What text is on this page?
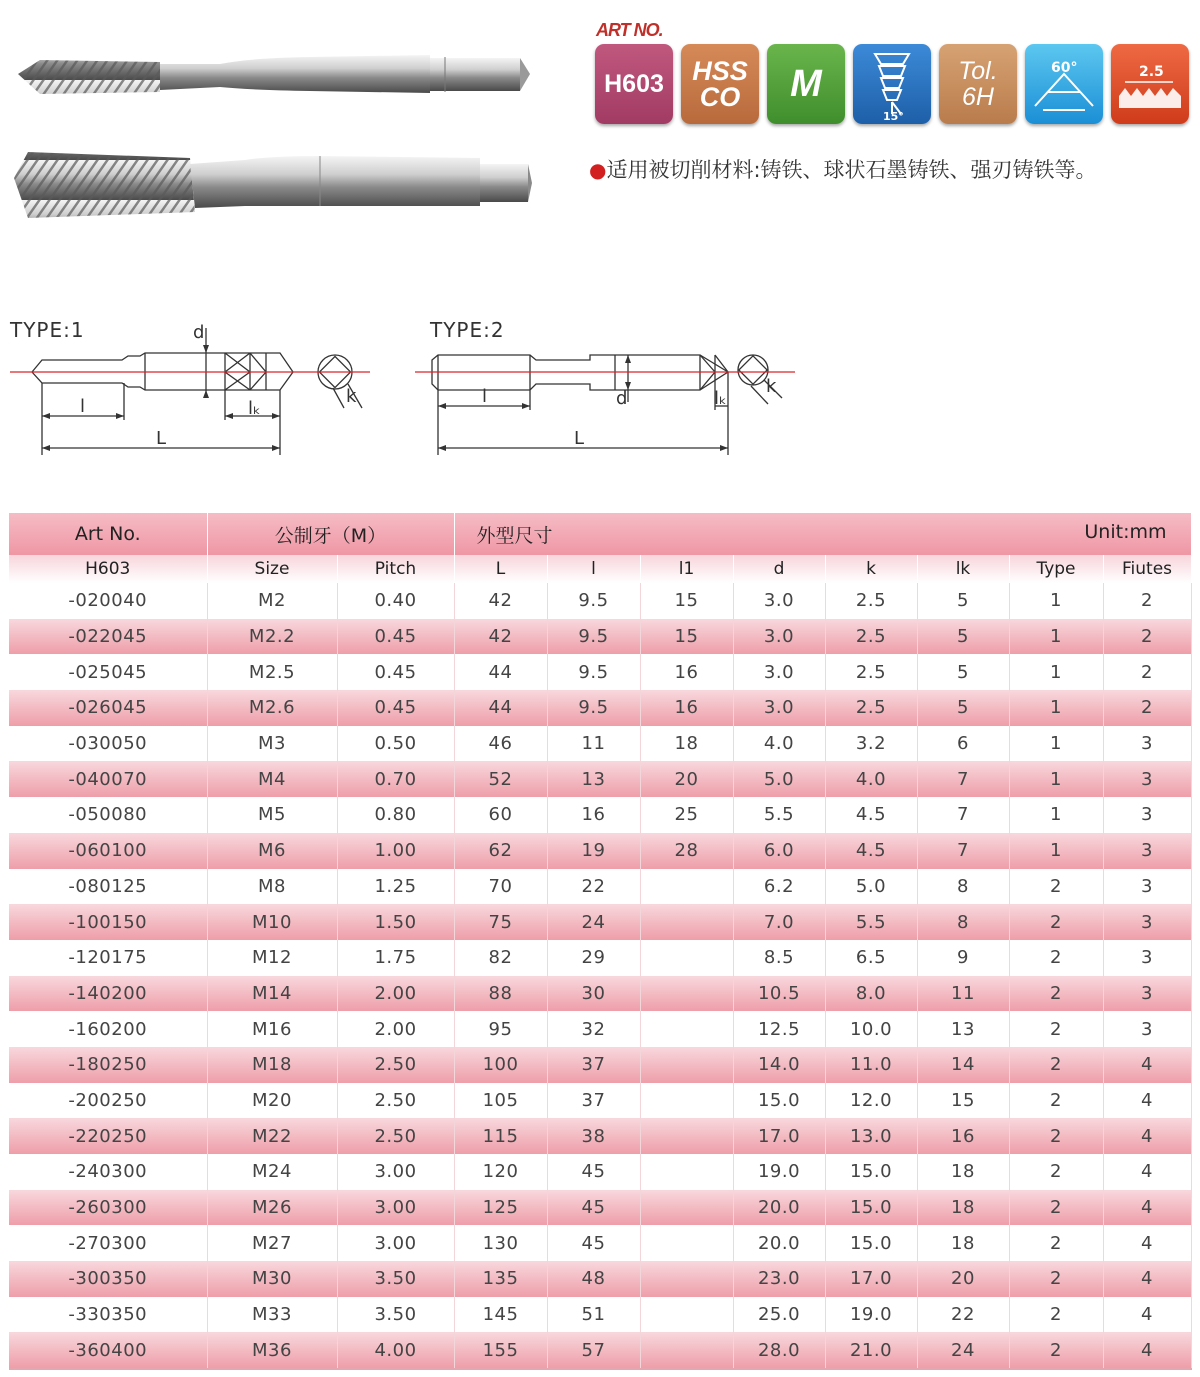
ART NO.
H603 HSS
CO M
15°
Tol.
6H
60°	2.5
●适用被切削材料:铸铁、球状石墨铸铁、强刃铸铁等。
TYPE:1	TYPE:2
d
l	lₖ
L
k	d
l	lₖ
L
k
Art No.	公制牙（M）		外型尺寸 Unit:mm							

H603	Size	Pitch	L	l	l1	d	k	lk	Type	Fiutes
-020040	M2	0.40	42	9.5	15	3.0	2.5	5	1	2
-022045	M2.2	0.45	42	9.5	15	3.0	2.5	5	1	2
-025045	M2.5	0.45	44	9.5	16	3.0	2.5	5	1	2
-026045	M2.6	0.45	44	9.5	16	3.0	2.5	5	1	2
-030050	M3	0.50	46	11	18	4.0	3.2	6	1	3
-040070	M4	0.70	52	13	20	5.0	4.0	7	1	3
-050080	M5	0.80	60	16	25	5.5	4.5	7	1	3
-060100	M6	1.00	62	19	28	6.0	4.5	7	1	3
-080125	M8	1.25	70	22		6.2	5.0	8	2	3
-100150	M10	1.50	75	24		7.0	5.5	8	2	3
-120175	M12	1.75	82	29		8.5	6.5	9	2	3
-140200	M14	2.00	88	30		10.5	8.0	11	2	3
-160200	M16	2.00	95	32		12.5	10.0	13	2	3
-180250	M18	2.50	100	37		14.0	11.0	14	2	4
-200250	M20	2.50	105	37		15.0	12.0	15	2	4
-220250	M22	2.50	115	38		17.0	13.0	16	2	4
-240300	M24	3.00	120	45		19.0	15.0	18	2	4
-260300	M26	3.00	125	45		20.0	15.0	18	2	4
-270300	M27	3.00	130	45		20.0	15.0	18	2	4
-300350	M30	3.50	135	48		23.0	17.0	20	2	4
-330350	M33	3.50	145	51		25.0	19.0	22	2	4
-360400	M36	4.00	155	57		28.0	21.0	24	2	4
